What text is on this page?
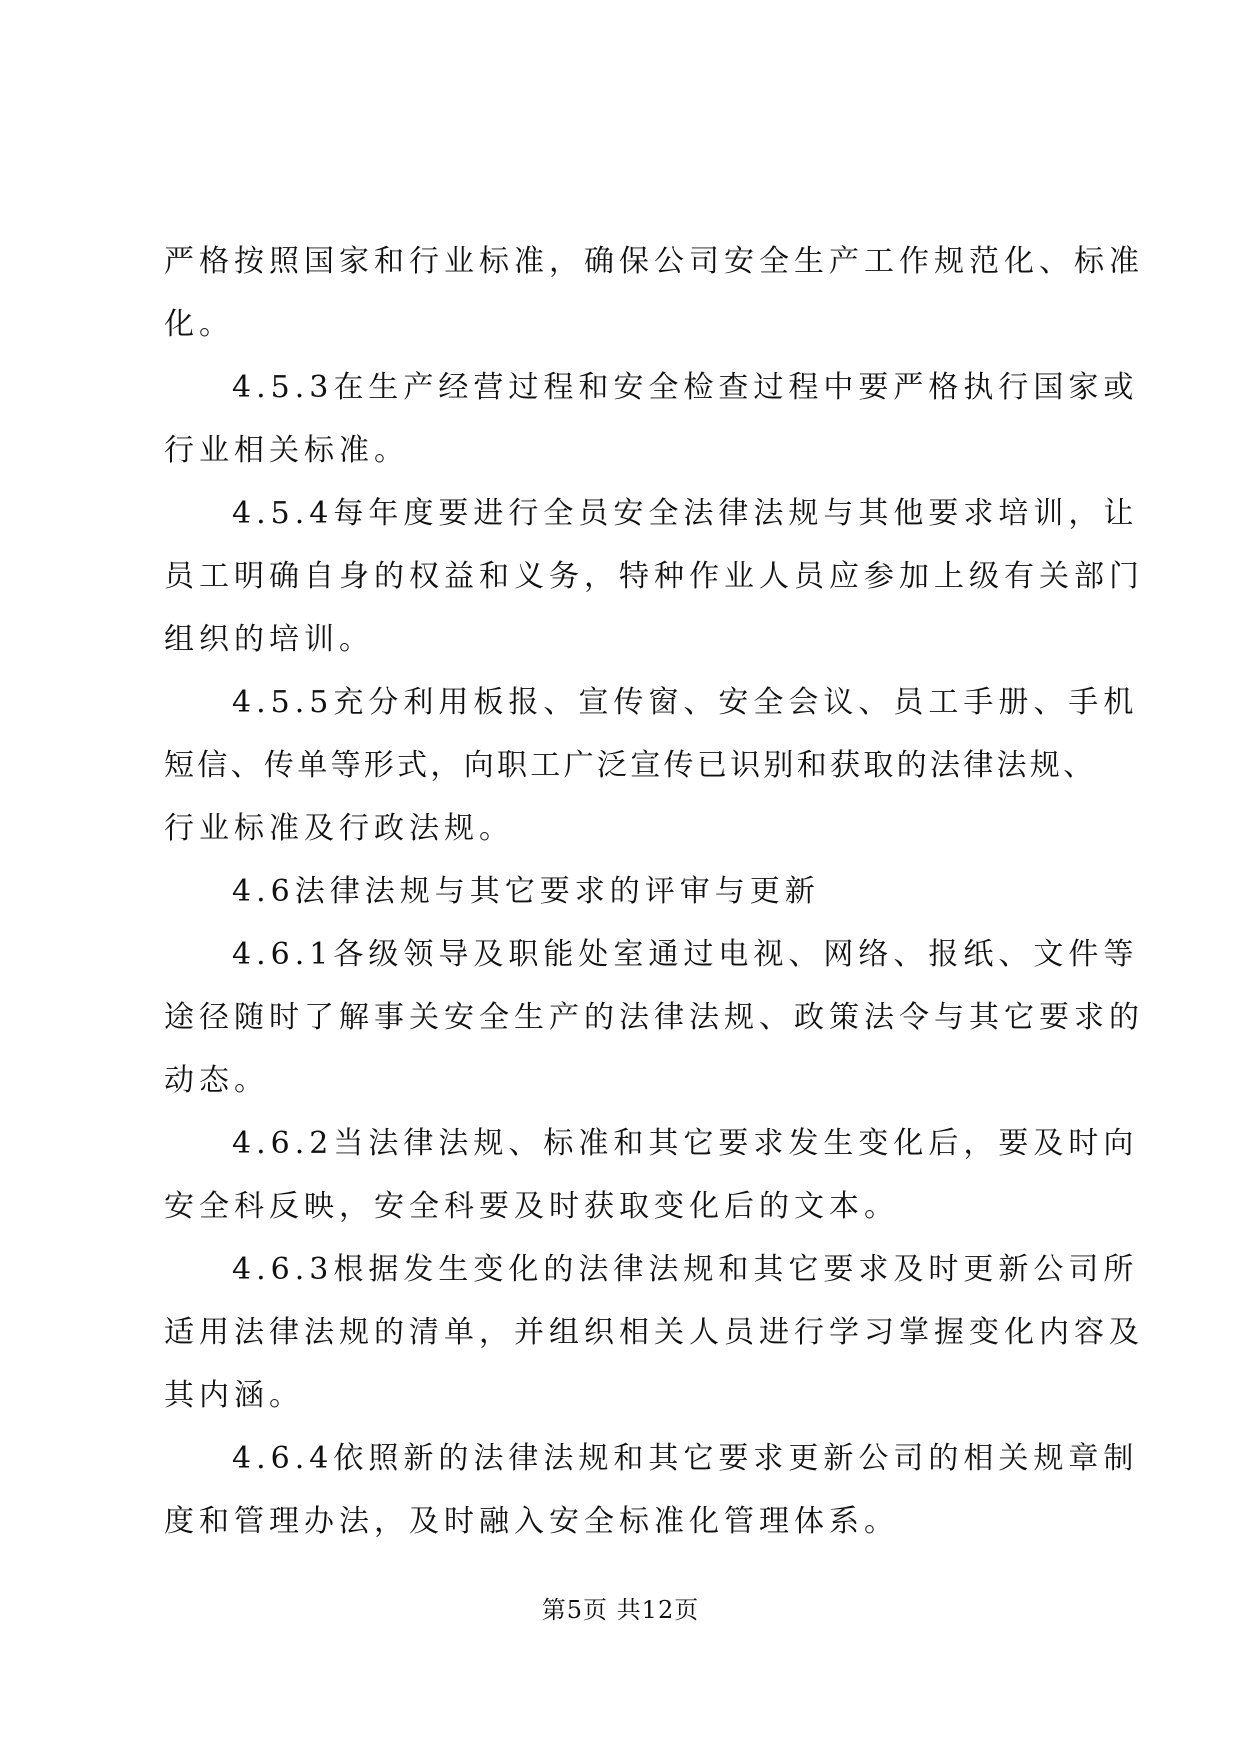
严格按照国家和行业标准，确保公司安全生产工作规范化、标准
化。
4.5.3在生产经营过程和安全检查过程中要严格执行国家或
行业相关标准。
4.5.4每年度要进行全员安全法律法规与其他要求培训，让
员工明确自身的权益和义务，特种作业人员应参加上级有关部门
组织的培训。
4.5.5充分利用板报、宣传窗、安全会议、员工手册、手机
短信、传单等形式，向职工广泛宣传已识别和获取的法律法规、
行业标准及行政法规。
4.6法律法规与其它要求的评审与更新
4.6.1各级领导及职能处室通过电视、网络、报纸、文件等
途径随时了解事关安全生产的法律法规、政策法令与其它要求的
动态。
4.6.2当法律法规、标准和其它要求发生变化后，要及时向
安全科反映，安全科要及时获取变化后的文本。
4.6.3根据发生变化的法律法规和其它要求及时更新公司所
适用法律法规的清单，并组织相关人员进行学习掌握变化内容及
其内涵。
4.6.4依照新的法律法规和其它要求更新公司的相关规章制
度和管理办法，及时融入安全标准化管理体系。
第5页 共12页
